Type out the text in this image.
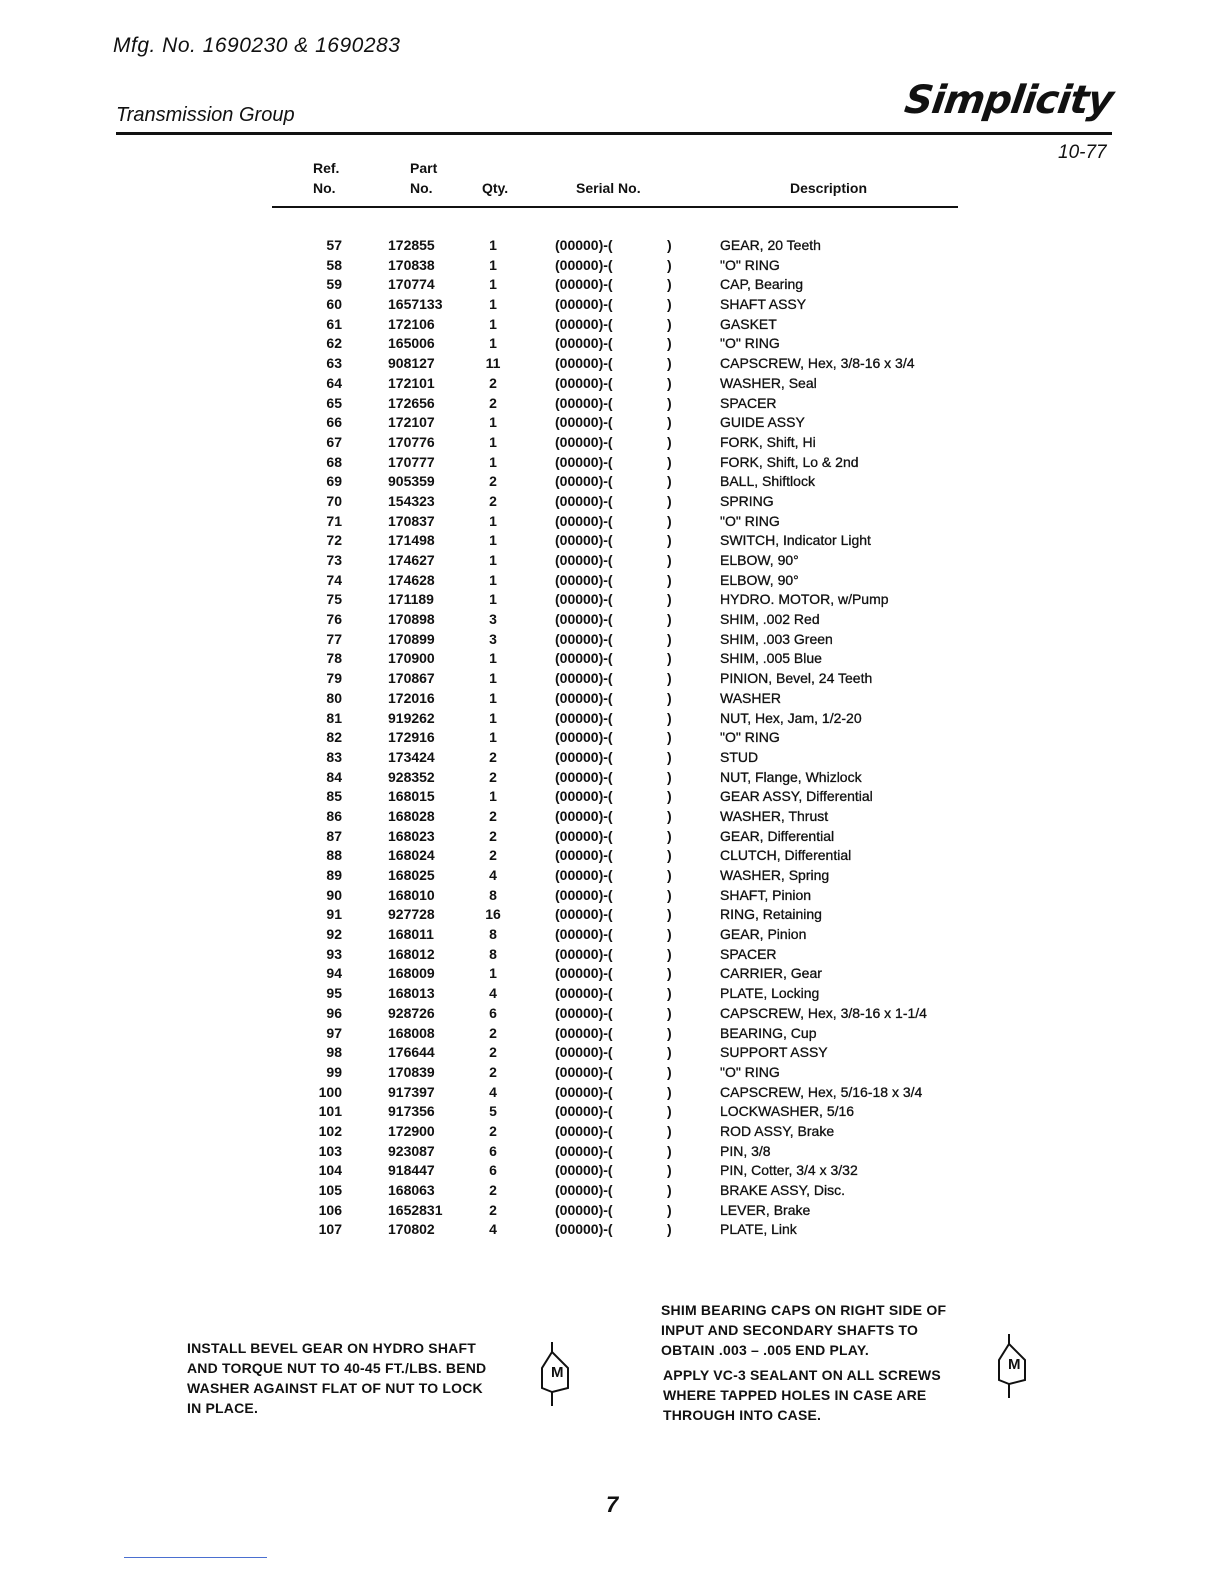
Mfg. No. 1690230 & 1690283
Transmission Group	Simplicity
10-77
Ref.
No.
Part
No.	Qty.	Serial No.	Description
57	172855	1	(00000)-(	)	GEAR, 20 Teeth
58	170838	1	(00000)-(	)	"O" RING
59	170774	1	(00000)-(	)	CAP, Bearing
60	1657133	1	(00000)-(	)	SHAFT ASSY
61	172106	1	(00000)-(	)	GASKET
62	165006	1	(00000)-(	)	"O" RING
63	908127	11	(00000)-(	)	CAPSCREW, Hex, 3/8-16 x 3/4
64	172101	2	(00000)-(	)	WASHER, Seal
65	172656	2	(00000)-(	)	SPACER
66	172107	1	(00000)-(	)	GUIDE ASSY
67	170776	1	(00000)-(	)	FORK, Shift, Hi
68	170777	1	(00000)-(	)	FORK, Shift, Lo & 2nd
69	905359	2	(00000)-(	)	BALL, Shiftlock
70	154323	2	(00000)-(	)	SPRING
71	170837	1	(00000)-(	)	"O" RING
72	171498	1	(00000)-(	)	SWITCH, Indicator Light
73	174627	1	(00000)-(	)	ELBOW, 90°
74	174628	1	(00000)-(	)	ELBOW, 90°
75	171189	1	(00000)-(	)	HYDRO. MOTOR, w/Pump
76	170898	3	(00000)-(	)	SHIM, .002 Red
77	170899	3	(00000)-(	)	SHIM, .003 Green
78	170900	1	(00000)-(	)	SHIM, .005 Blue
79	170867	1	(00000)-(	)	PINION, Bevel, 24 Teeth
80	172016	1	(00000)-(	)	WASHER
81	919262	1	(00000)-(	)	NUT, Hex, Jam, 1/2-20
82	172916	1	(00000)-(	)	"O" RING
83	173424	2	(00000)-(	)	STUD
84	928352	2	(00000)-(	)	NUT, Flange, Whizlock
85	168015	1	(00000)-(	)	GEAR ASSY, Differential
86	168028	2	(00000)-(	)	WASHER, Thrust
87	168023	2	(00000)-(	)	GEAR, Differential
88	168024	2	(00000)-(	)	CLUTCH, Differential
89	168025	4	(00000)-(	)	WASHER, Spring
90	168010	8	(00000)-(	)	SHAFT, Pinion
91	927728	16	(00000)-(	)	RING, Retaining
92	168011	8	(00000)-(	)	GEAR, Pinion
93	168012	8	(00000)-(	)	SPACER
94	168009	1	(00000)-(	)	CARRIER, Gear
95	168013	4	(00000)-(	)	PLATE, Locking
96	928726	6	(00000)-(	)	CAPSCREW, Hex, 3/8-16 x 1-1/4
97	168008	2	(00000)-(	)	BEARING, Cup
98	176644	2	(00000)-(	)	SUPPORT ASSY
99	170839	2	(00000)-(	)	"O" RING
100	917397	4	(00000)-(	)	CAPSCREW, Hex, 5/16-18 x 3/4
101	917356	5	(00000)-(	)	LOCKWASHER, 5/16
102	172900	2	(00000)-(	)	ROD ASSY, Brake
103	923087	6	(00000)-(	)	PIN, 3/8
104	918447	6	(00000)-(	)	PIN, Cotter, 3/4 x 3/32
105	168063	2	(00000)-(	)	BRAKE ASSY, Disc.
106	1652831	2	(00000)-(	)	LEVER, Brake
107	170802	4	(00000)-(	)	PLATE, Link
INSTALL BEVEL GEAR ON HYDRO SHAFT
AND TORQUE NUT TO 40-45 FT./LBS. BEND
WASHER AGAINST FLAT OF NUT TO LOCK
IN PLACE.
M
SHIM BEARING CAPS ON RIGHT SIDE OF
INPUT AND SECONDARY SHAFTS TO
OBTAIN .003 – .005 END PLAY.
APPLY VC-3 SEALANT ON ALL SCREWS
WHERE TAPPED HOLES IN CASE ARE
THROUGH INTO CASE.
M
7
